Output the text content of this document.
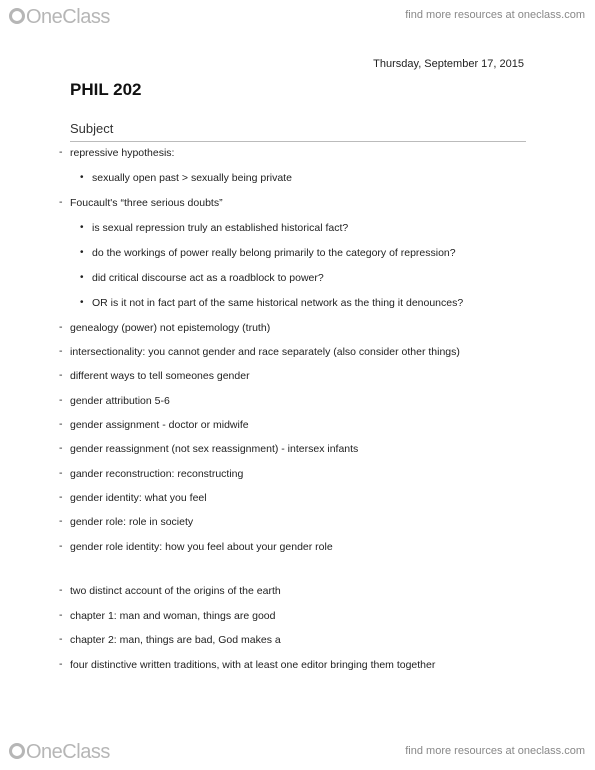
OneClass	find more resources at oneclass.com
Thursday, September 17, 2015
PHIL 202
Subject
- repressive hypothesis:
• sexually open past > sexually being private
- Foucault's “three serious doubts”
• is sexual repression truly an established historical fact?
• do the workings of power really belong primarily to the category of repression?
• did critical discourse act as a roadblock to power?
• OR is it not in fact part of the same historical network as the thing it denounces?
- genealogy (power) not epistemology (truth)
- intersectionality: you cannot gender and race separately (also consider other things)
- different ways to tell someones gender
- gender attribution 5-6
- gender assignment - doctor or midwife
- gender reassignment (not sex reassignment) - intersex infants
- gander reconstruction: reconstructing
- gender identity: what you feel
- gender role: role in society
- gender role identity: how you feel about your gender role
- two distinct account of the origins of the earth
- chapter 1: man and woman, things are good
- chapter 2: man, things are bad, God makes a
- four distinctive written traditions, with at least one editor bringing them together
OneClass	find more resources at oneclass.com
